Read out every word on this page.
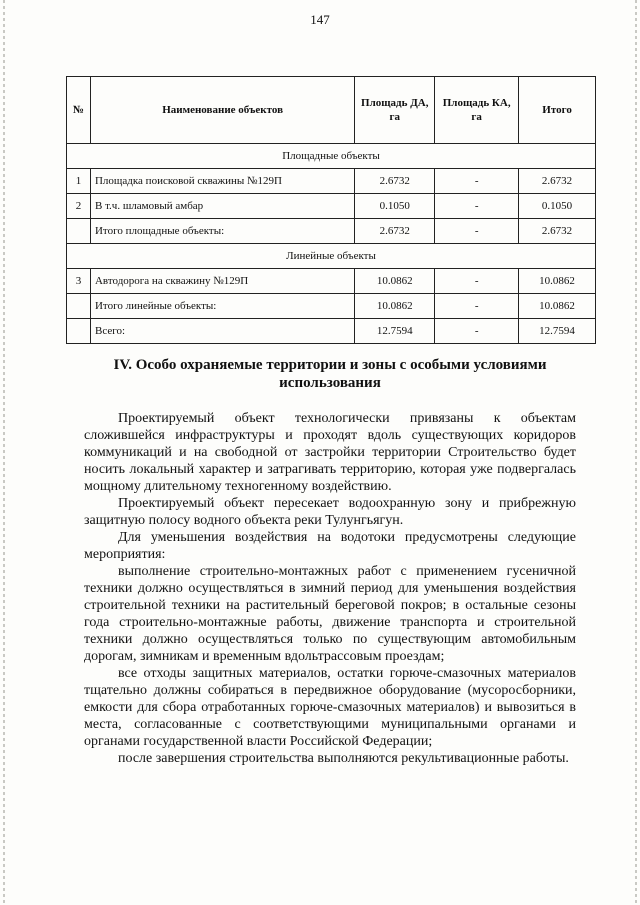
147
№	Наименование объектов	Площадь ДА, га	Площадь КА, га	Итого
Площадные объекты				
1	Площадка поисковой скважины №129П	2.6732	-	2.6732
2	В т.ч. шламовый амбар	0.1050	-	0.1050
	Итого площадные объекты:	2.6732	-	2.6732
Линейные объекты				
3	Автодорога на скважину №129П	10.0862	-	10.0862
	Итого линейные объекты:	10.0862	-	10.0862
	Всего:	12.7594	-	12.7594
IV. Особо охраняемые территории и зоны с особыми условиями использования

Проектируемый объект технологически привязаны к объектам сложившейся инфраструктуры и проходят вдоль существующих коридоров коммуникаций и на свободной от застройки территории Строительство будет носить локальный характер и затрагивать территорию, которая уже подвергалась мощному длительному техногенному воздействию.

Проектируемый объект пересекает водоохранную зону и прибрежную защитную полосу водного объекта реки Тулунгьягун.

Для уменьшения воздействия на водотоки предусмотрены следующие мероприятия:

выполнение строительно-монтажных работ с применением гусеничной техники должно осуществляться в зимний период для уменьшения воздействия строительной техники на растительный береговой покров; в остальные сезоны года строительно-монтажные работы, движение транспорта и строительной техники должно осуществляться только по существующим автомобильным дорогам, зимникам и временным вдольтрассовым проездам;

все отходы защитных материалов, остатки горюче-смазочных материалов тщательно должны собираться в передвижное оборудование (мусоросборники, емкости для сбора отработанных горюче-смазочных материалов) и вывозиться в места, согласованные с соответствующими муниципальными органами и органами государственной власти Российской Федерации;

после завершения строительства выполняются рекультивационные работы.
